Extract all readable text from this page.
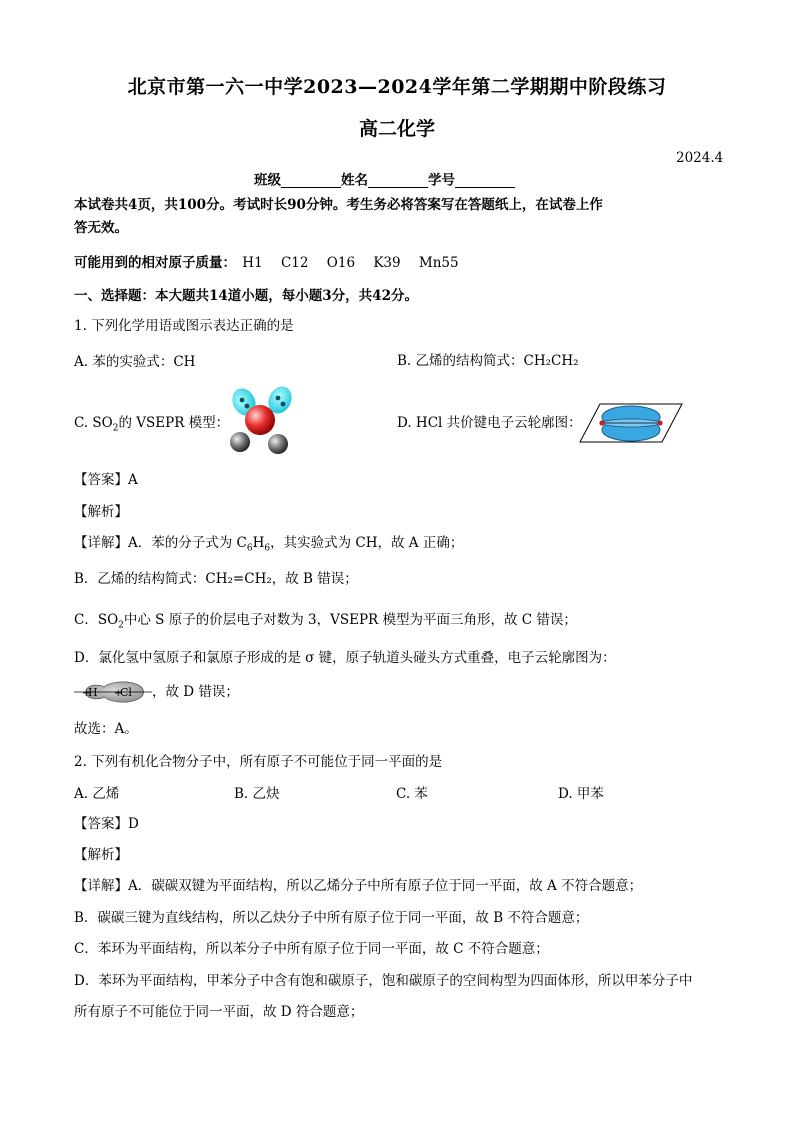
北京市第一六一中学2023—2024学年第二学期期中阶段练习
高二化学
2024.4
班级	姓名	学号
本试卷共4页，共100分。考试时长90分钟。考生务必将答案写在答题纸上，在试卷上作
答无效。
可能用到的相对原子质量： H1 C12 O16 K39 Mn55
一、选择题：本大题共14道小题，每小题3分，共42分。
1. 下列化学用语或图示表达正确的是
A. 苯的实验式：CH	B. 乙烯的结构简式：CH₂CH₂
C. $SO_2$的 VSEPR 模型：	D. HCl 共价键电子云轮廓图：
【答案】A
【解析】
【详解】A．苯的分子式为 $C_6H_6$，其实验式为 CH，故 A 正确；
B．乙烯的结构简式：CH₂=CH₂，故 B 错误；
C．$SO_2$中心 S 原子的价层电子对数为 3，VSEPR 模型为平面三角形，故 C 错误；
D．氯化氢中氢原子和氯原子形成的是 σ 键，原子轨道头碰头方式重叠，电子云轮廓图为：
H Cl
+ + ，故 D 错误；
故选：A。
2. 下列有机化合物分子中，所有原子不可能位于同一平面的是
A. 乙烯	B. 乙炔	C. 苯	D. 甲苯
【答案】D
【解析】
【详解】A．碳碳双键为平面结构，所以乙烯分子中所有原子位于同一平面，故 A 不符合题意；
B．碳碳三键为直线结构，所以乙炔分子中所有原子位于同一平面，故 B 不符合题意；
C．苯环为平面结构，所以苯分子中所有原子位于同一平面，故 C 不符合题意；
D．苯环为平面结构，甲苯分子中含有饱和碳原子，饱和碳原子的空间构型为四面体形，所以甲苯分子中
所有原子不可能位于同一平面，故 D 符合题意；
